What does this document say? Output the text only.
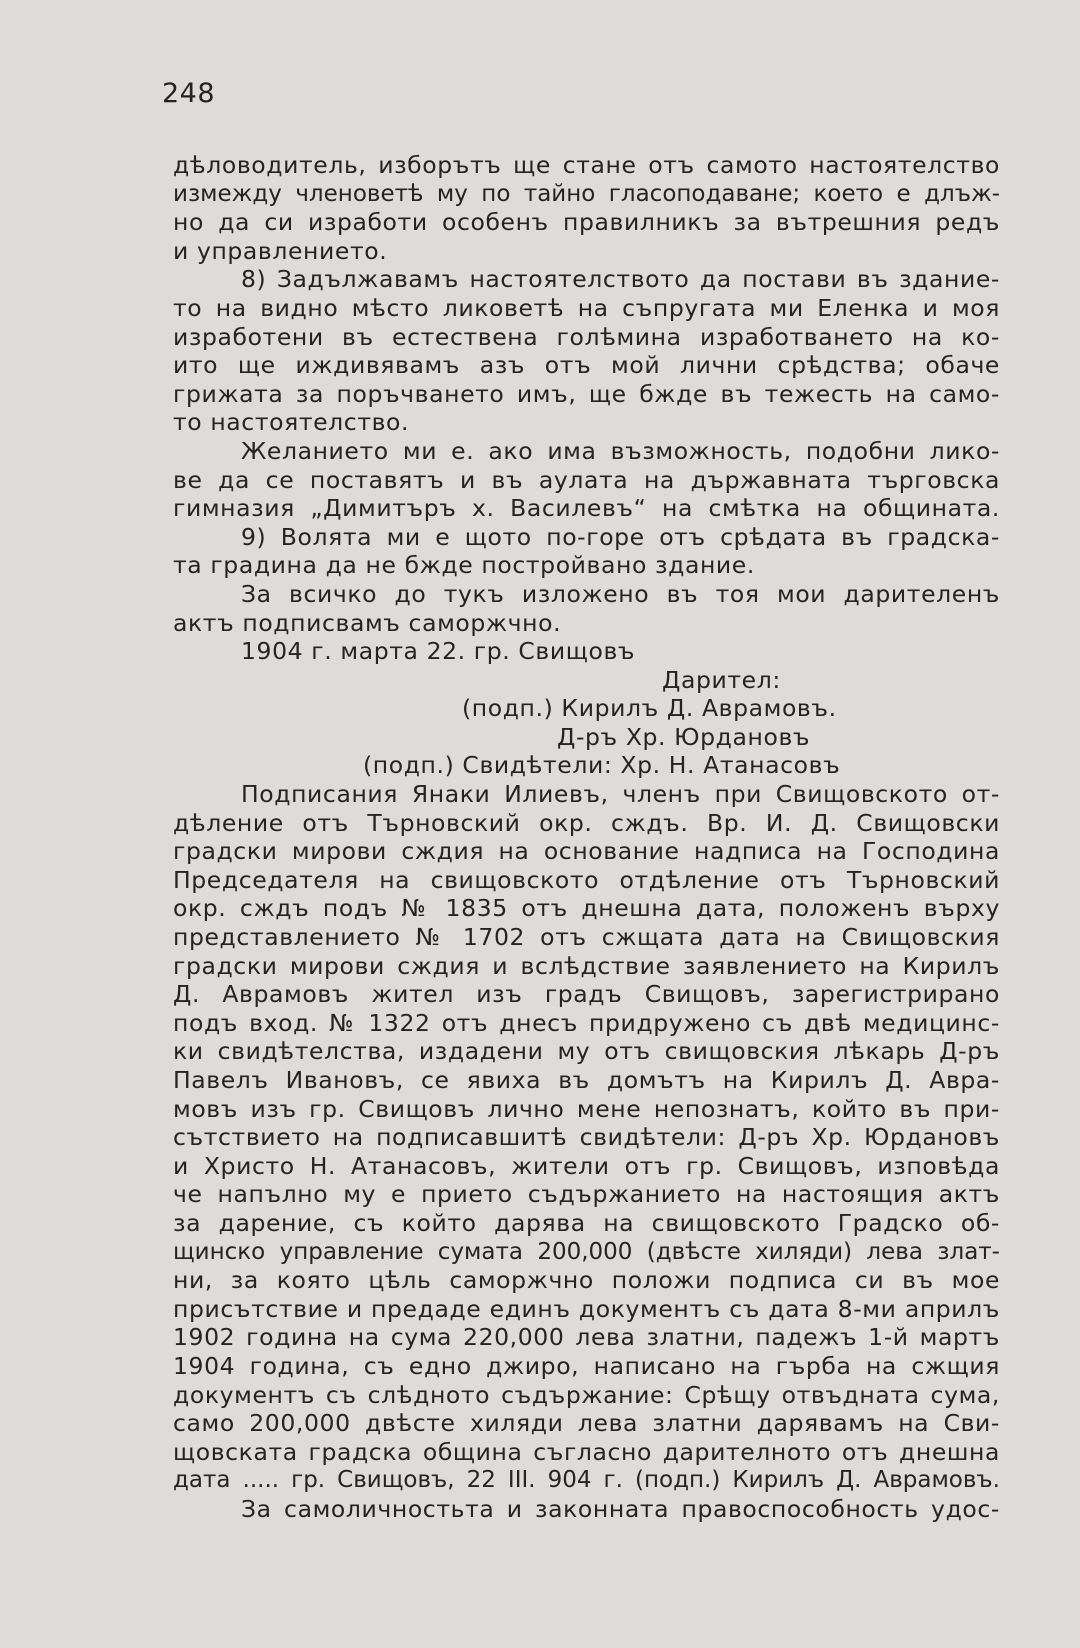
248
дѣловодитель, изборътъ ще стане отъ самото настоятелство
измежду членоветѣ му по тайно гласоподаване; което е длъж-
но да си изработи особенъ правилникъ за вътрешния редъ
и управлението.
8) Задължавамъ настоятелството да постави въ здание-
то на видно мѣсто ликоветѣ на съпругата ми Еленка и моя
изработени въ естествена голѣмина изработването на ко-
ито ще иждивявамъ азъ отъ мой лични срѣдства; обаче
грижата за поръчването имъ, ще бжде въ тежесть на само-
то настоятелство.
Желанието ми е. ако има възможность, подобни лико-
ве да се поставятъ и въ аулата на държавната търговска
гимназия „Димитъръ х. Василевъ“ на смѣтка на общината.
9) Волята ми е щото по-горе отъ срѣдата въ градска-
та градина да не бжде постройвано здание.
За всичко до тукъ изложено въ тоя мои дарителенъ
актъ подписвамъ саморжчно.
1904 г. марта 22. гр. Свищовъ
Дарител:
(подп.) Кирилъ Д. Аврамовъ.
Д-ръ Хр. Юрдановъ
(подп.) Свидѣтели: Хр. Н. Атанасовъ
Подписания Янаки Илиевъ, членъ при Свищовското от-
дѣление отъ Търновский окр. сждъ. Вр. И. Д. Свищовски
градски мирови сждия на основание надписа на Господина
Председателя на свищовското отдѣление отъ Търновский
окр. сждъ подъ № 1835 отъ днешна дата, положенъ върху
представлението № 1702 отъ сжщата дата на Свищовския
градски мирови сждия и вслѣдствие заявлението на Кирилъ
Д. Аврамовъ жител изъ градъ Свищовъ, зарегистрирано
подъ вход. № 1322 отъ днесъ придружено съ двѣ медицинс-
ки свидѣтелства, издадени му отъ свищовския лѣкарь Д-ръ
Павелъ Ивановъ, се явиха въ домътъ на Кирилъ Д. Авра-
мовъ изъ гр. Свищовъ лично мене непознатъ, който въ при-
сътствието на подписавшитѣ свидѣтели: Д-ръ Хр. Юрдановъ
и Христо Н. Атанасовъ, жители отъ гр. Свищовъ, изповѣда
че напълно му е прието съдържанието на настоящия актъ
за дарение, съ който дарява на свищовското Градско об-
щинско управление сумата 200,000 (двѣсте хиляди) лева злат-
ни, за която цѣль саморжчно положи подписа си въ мое
присътствие и предаде единъ документъ съ дата 8-ми априлъ
1902 година на сума 220,000 лева златни, падежъ 1-й мартъ
1904 година, съ едно джиро, написано на гърба на сжщия
документъ съ слѣдното съдържание: Срѣщу отвъдната сума,
само 200,000 двѣсте хиляди лева златни дарявамъ на Сви-
щовската градска община съгласно дарителното отъ днешна
дата ..... гр. Свищовъ, 22 III. 904 г. (подп.) Кирилъ Д. Аврамовъ.
За самоличностьта и законната правоспособность удос-
